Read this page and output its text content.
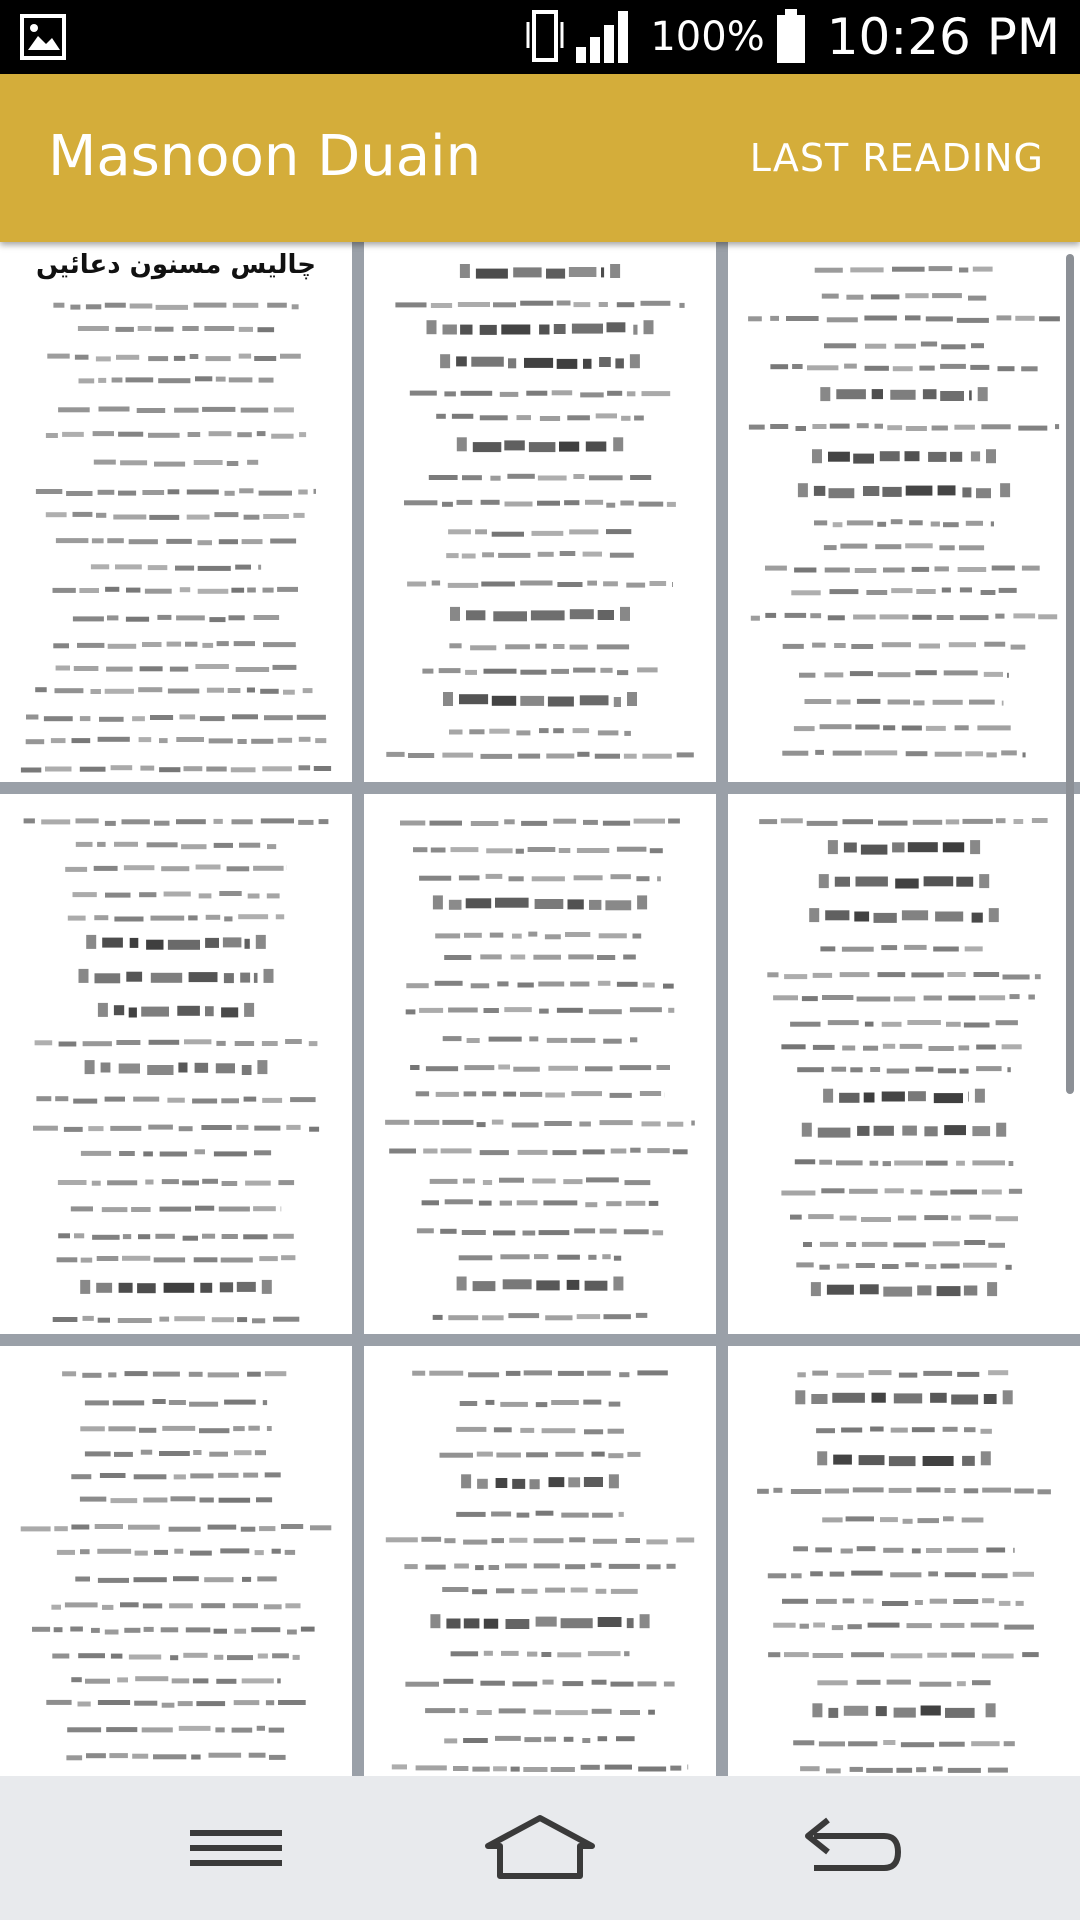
100% 10:26 PM
Masnoon Duain	LAST READING
چالیس مسنون دعائیں
